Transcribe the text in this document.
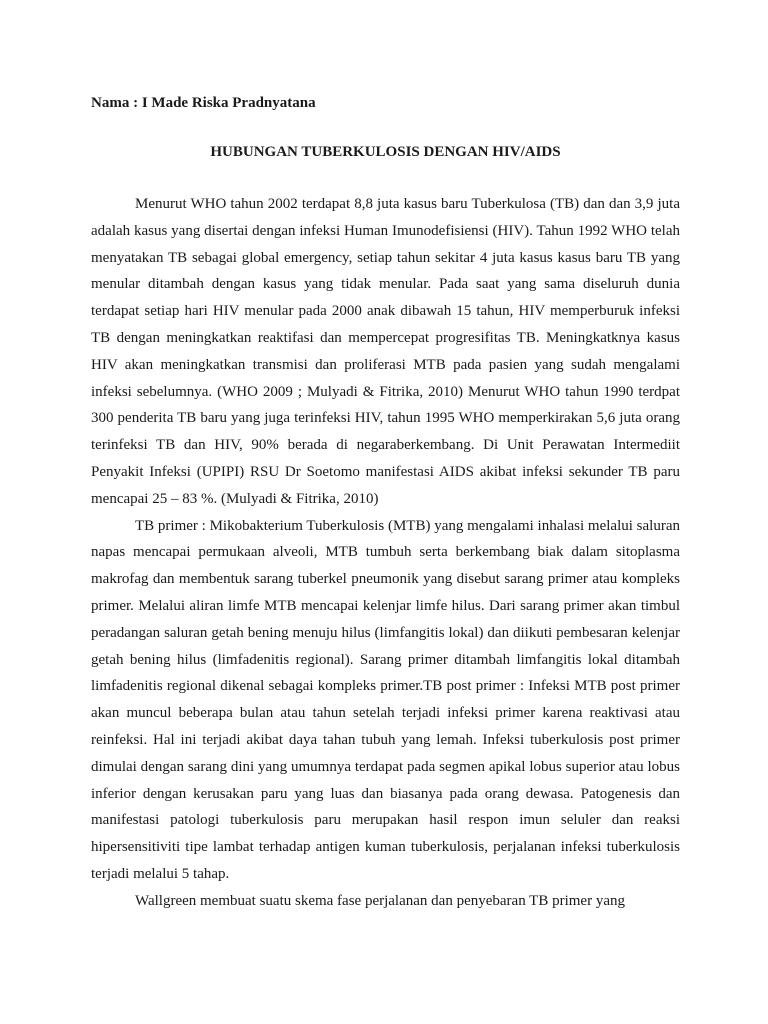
Nama : I Made Riska Pradnyatana

HUBUNGAN TUBERKULOSIS DENGAN HIV/AIDS

Menurut WHO tahun 2002 terdapat 8,8 juta kasus baru Tuberkulosa (TB) dan dan 3,9 juta adalah kasus yang disertai dengan infeksi Human Imunodefisiensi (HIV). Tahun 1992 WHO telah menyatakan TB sebagai global emergency, setiap tahun sekitar 4 juta kasus kasus baru TB yang menular ditambah dengan kasus yang tidak menular. Pada saat yang sama diseluruh dunia terdapat setiap hari HIV menular pada 2000 anak dibawah 15 tahun, HIV memperburuk infeksi TB dengan meningkatkan reaktifasi dan mempercepat progresifitas TB. Meningkatknya kasus HIV akan meningkatkan transmisi dan proliferasi MTB pada pasien yang sudah mengalami infeksi sebelumnya. (WHO 2009 ; Mulyadi & Fitrika, 2010) Menurut WHO tahun 1990 terdpat 300 penderita TB baru yang juga terinfeksi HIV, tahun 1995 WHO memperkirakan 5,6 juta orang terinfeksi TB dan HIV, 90% berada di negaraberkembang. Di Unit Perawatan Intermediit Penyakit Infeksi (UPIPI) RSU Dr Soetomo manifestasi AIDS akibat infeksi sekunder TB paru mencapai 25 – 83 %. (Mulyadi & Fitrika, 2010)

TB primer : Mikobakterium Tuberkulosis (MTB) yang mengalami inhalasi melalui saluran napas mencapai permukaan alveoli, MTB tumbuh serta berkembang biak dalam sitoplasma makrofag dan membentuk sarang tuberkel pneumonik yang disebut sarang primer atau kompleks primer. Melalui aliran limfe MTB mencapai kelenjar limfe hilus. Dari sarang primer akan timbul peradangan saluran getah bening menuju hilus (limfangitis lokal) dan diikuti pembesaran kelenjar getah bening hilus (limfadenitis regional). Sarang primer ditambah limfangitis lokal ditambah limfadenitis regional dikenal sebagai kompleks primer.TB post primer : Infeksi MTB post primer akan muncul beberapa bulan atau tahun setelah terjadi infeksi primer karena reaktivasi atau reinfeksi. Hal ini terjadi akibat daya tahan tubuh yang lemah. Infeksi tuberkulosis post primer dimulai dengan sarang dini yang umumnya terdapat pada segmen apikal lobus superior atau lobus inferior dengan kerusakan paru yang luas dan biasanya pada orang dewasa. Patogenesis dan manifestasi patologi tuberkulosis paru merupakan hasil respon imun seluler dan reaksi hipersensitiviti tipe lambat terhadap antigen kuman tuberkulosis, perjalanan infeksi tuberkulosis terjadi melalui 5 tahap.

Wallgreen membuat suatu skema fase perjalanan dan penyebaran TB primer yang
